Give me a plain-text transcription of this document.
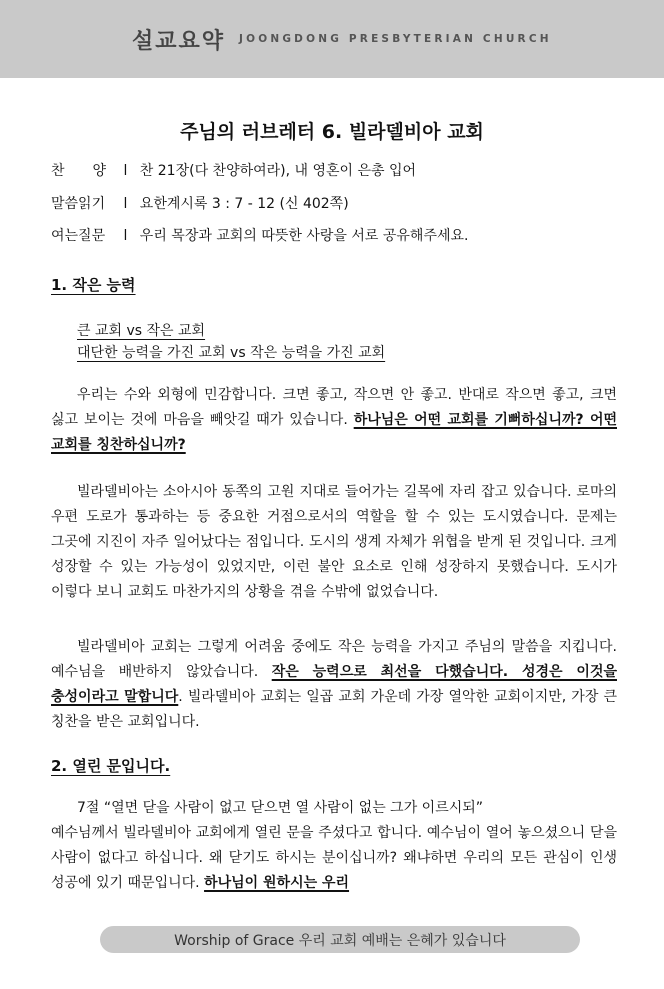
설교요약 JOONGDONG PRESBYTERIAN CHURCH
주님의 러브레터 6. 빌라델비아 교회
찬　　양 l 찬 21장(다 찬양하여라), 내 영혼이 은총 입어
말씀읽기 l 요한계시록 3 : 7 - 12 (신 402쪽)
여는질문 l 우리 목장과 교회의 따뜻한 사랑을 서로 공유해주세요.
1. 작은 능력
큰 교회 vs 작은 교회
대단한 능력을 가진 교회 vs 작은 능력을 가진 교회
우리는 수와 외형에 민감합니다. 크면 좋고, 작으면 안 좋고. 반대로 작으면 좋고, 크면 싫고 보이는 것에 마음을 빼앗길 때가 있습니다. 하나님은 어떤 교회를 기뻐하십니까? 어떤 교회를 칭찬하십니까?
빌라델비아는 소아시아 동쪽의 고원 지대로 들어가는 길목에 자리 잡고 있습니다. 로마의 우편 도로가 통과하는 등 중요한 거점으로서의 역할을 할 수 있는 도시였습니다. 문제는 그곳에 지진이 자주 일어났다는 점입니다. 도시의 생계 자체가 위협을 받게 된 것입니다. 크게 성장할 수 있는 가능성이 있었지만, 이런 불안 요소로 인해 성장하지 못했습니다. 도시가 이렇다 보니 교회도 마찬가지의 상황을 겪을 수밖에 없었습니다.
빌라델비아 교회는 그렇게 어려움 중에도 작은 능력을 가지고 주님의 말씀을 지킵니다. 예수님을 배반하지 않았습니다. 작은 능력으로 최선을 다했습니다. 성경은 이것을 충성이라고 말합니다. 빌라델비아 교회는 일곱 교회 가운데 가장 열악한 교회이지만, 가장 큰 칭찬을 받은 교회입니다.
2. 열린 문입니다.
7절 “열면 닫을 사람이 없고 닫으면 열 사람이 없는 그가 이르시되”
예수님께서 빌라델비아 교회에게 열린 문을 주셨다고 합니다. 예수님이 열어 놓으셨으니 닫을 사람이 없다고 하십니다. 왜 닫기도 하시는 분이십니까? 왜냐하면 우리의 모든 관심이 인생 성공에 있기 때문입니다. 하나님이 원하시는 우리
Worship of Grace 우리 교회 예배는 은혜가 있습니다
